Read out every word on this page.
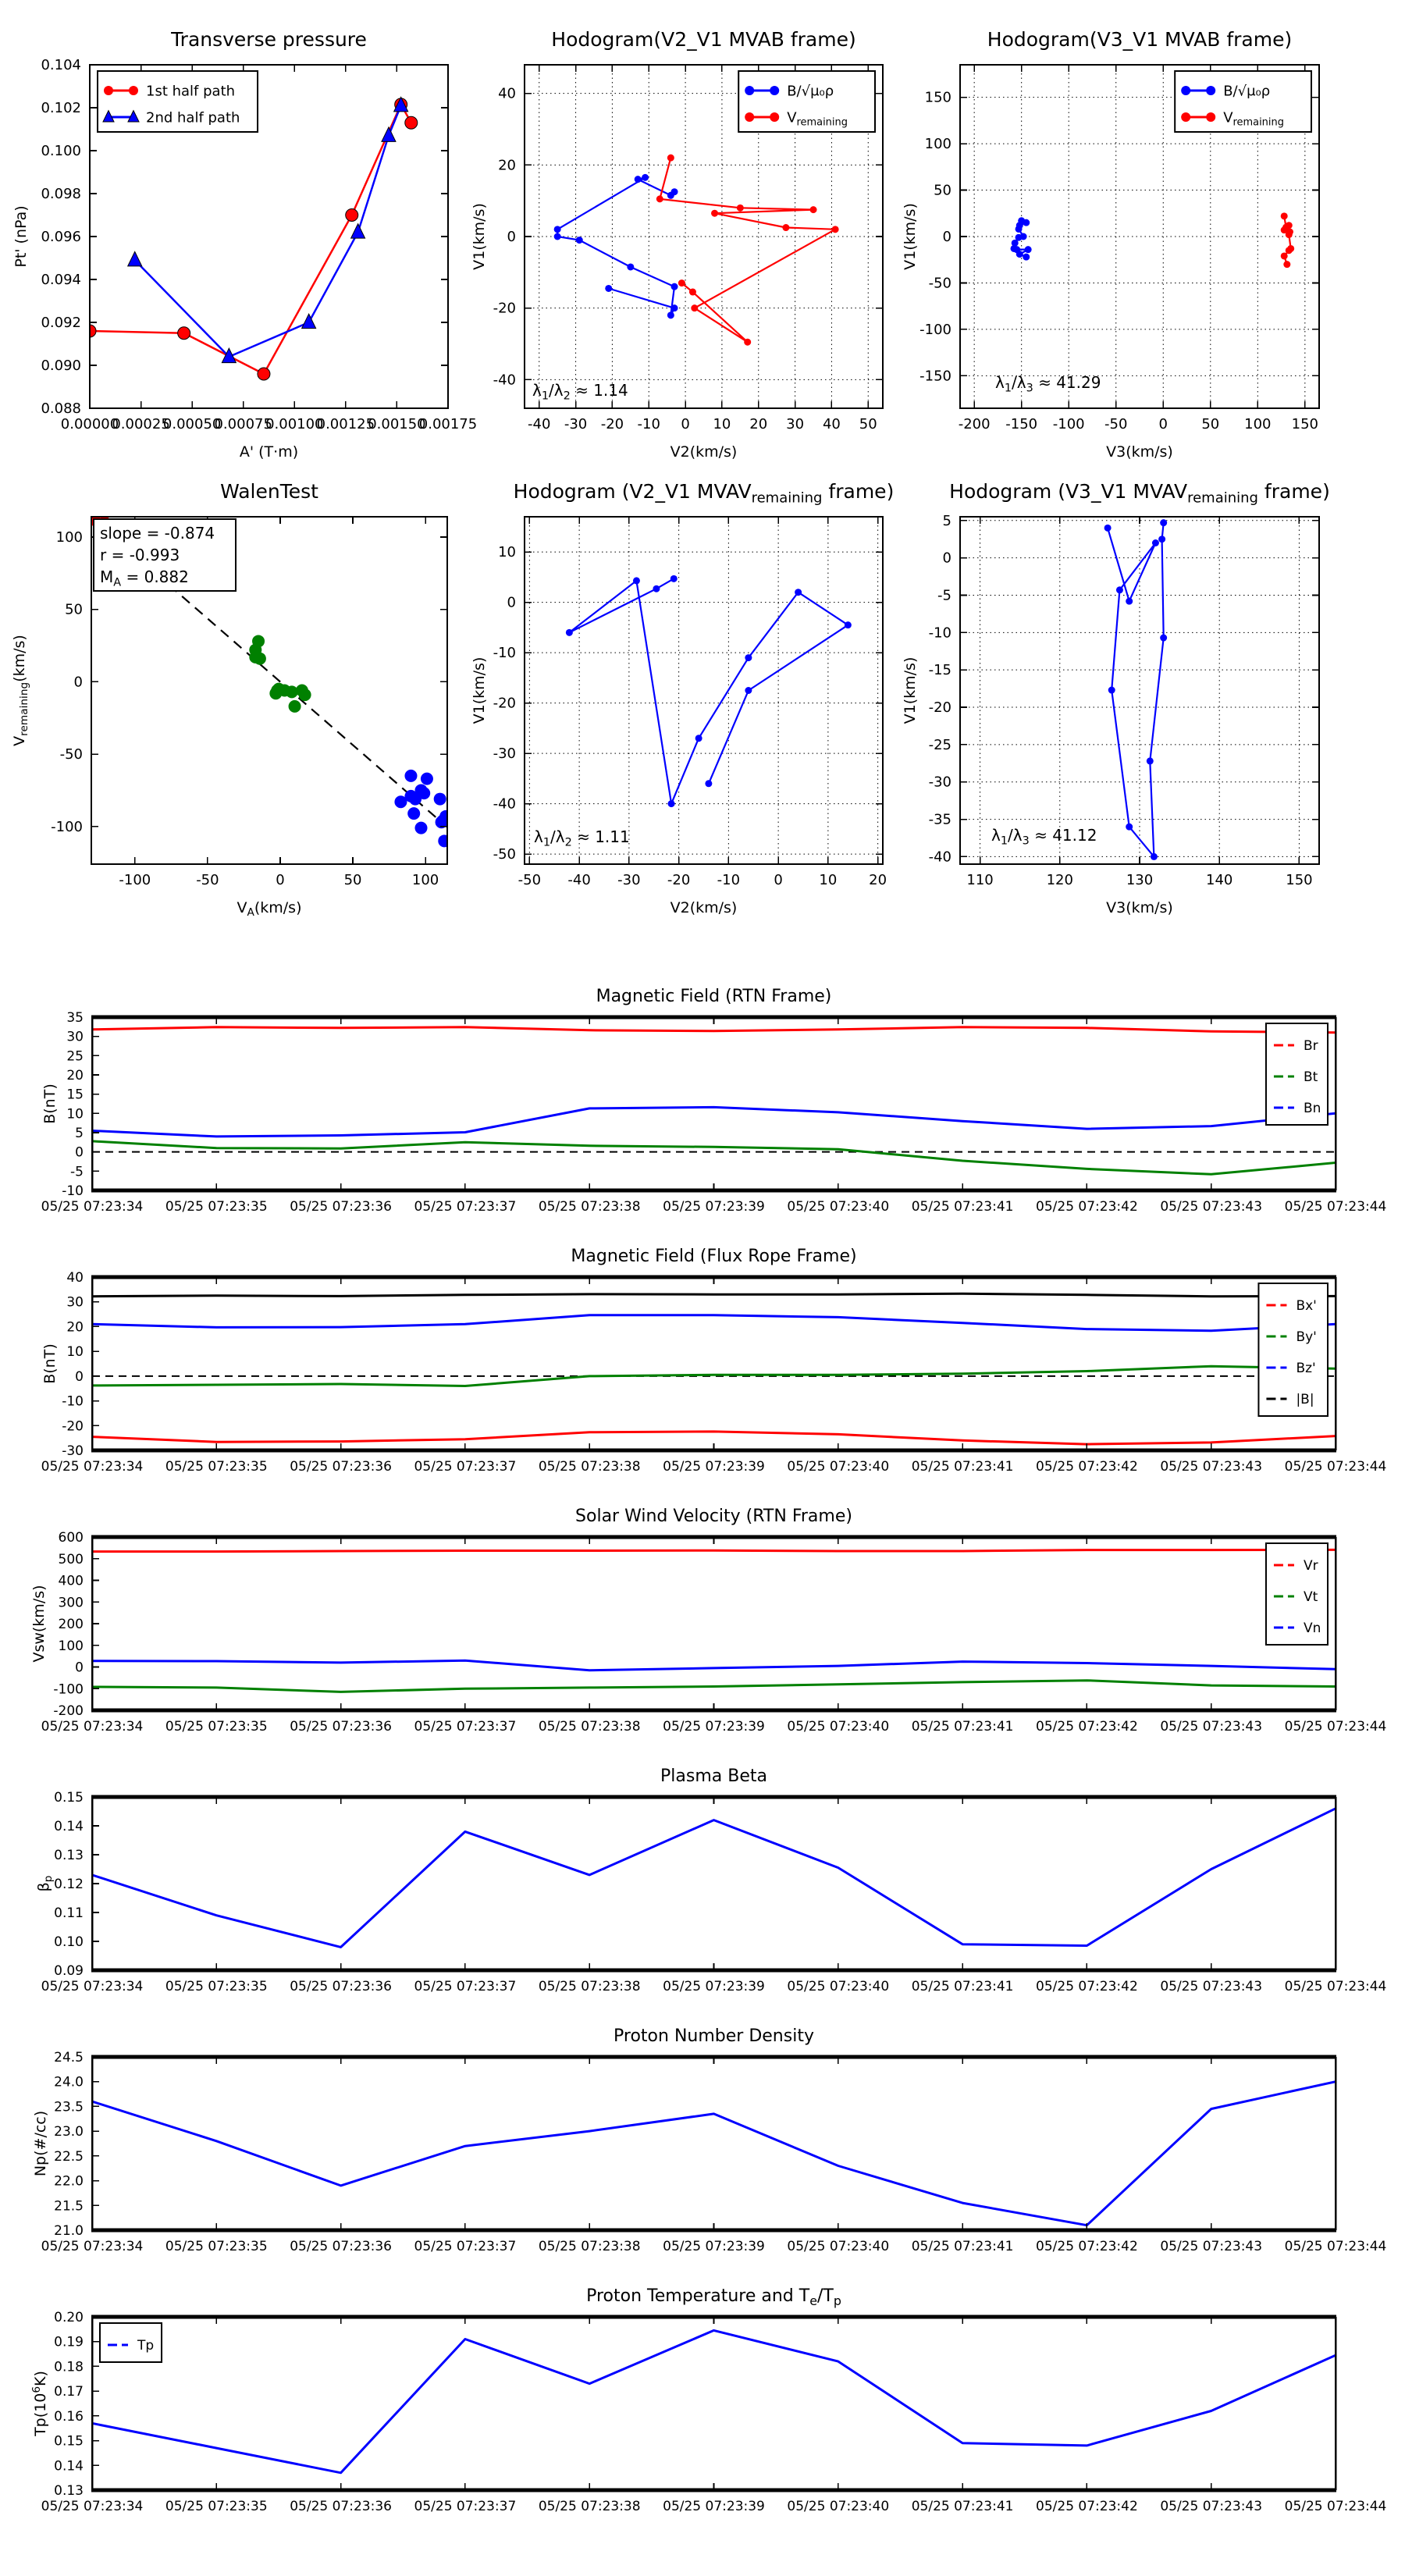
0.00000
0.00025
0.00050
0.00075
0.00100
0.00125
0.00150
0.00175
0.088
0.090
0.092
0.094
0.096
0.098
0.100
0.102
0.104
Transverse pressure
A' (T·m)
Pt' (nPa)
1st half path
2nd half path
-40 -30 -20 -10 0 10 20 30 40 50
-40
-20
0
20
40
Hodogram(V2_V1 MVAB frame)
V2(km/s)
V1(km/s)
$\lambda_1/\lambda_2 \approx 1.14$
B/√μ₀ρ
$V_{remaining}$
-200 -150 -100 -50 0 50 100 150
-150
-100
-50
0
50
100
150
Hodogram(V3_V1 MVAB frame)
V3(km/s)
V1(km/s)
$\lambda_1/\lambda_3 \approx 41.29$
B/√μ₀ρ
$V_{remaining}$
-100	-50	0	50	100
-100
-50
0
50
100
WalenTest
$V_A(km/s)$
$V_{remaining}(km/s)$
slope = -0.874
r = -0.993
$M_A = 0.882$
-50 -40 -30 -20 -10 0	10 20
10
0
-10
-20
-30
-40
-50
Hodogram (V2_V1 $MVAV_{remaining}$ frame)
V2(km/s)
V1(km/s)
$\lambda_1/\lambda_2 \approx 1.11$
110	120	130	140	150
5
0
-5
-10
-15
-20
-25
-30
-35
-40
Hodogram (V3_V1 $MVAV_{remaining}$ frame)
V3(km/s)
V1(km/s)
$\lambda_1/\lambda_3 \approx 41.12$
05/25 07:23:34 05/25 07:23:35 05/25 07:23:36 05/25 07:23:37 05/25 07:23:38 05/25 07:23:39 05/25 07:23:40 05/25 07:23:41 05/25 07:23:42 05/25 07:23:43 05/25 07:23:44
-10
-5
0
5
10
15
20
25
30
35
Magnetic Field (RTN Frame)
B(nT)
Br
Bt
Bn
05/25 07:23:34 05/25 07:23:35 05/25 07:23:36 05/25 07:23:37 05/25 07:23:38 05/25 07:23:39 05/25 07:23:40 05/25 07:23:41 05/25 07:23:42 05/25 07:23:43 05/25 07:23:44
-30
-20
-10
0
10
20
30
40
Magnetic Field (Flux Rope Frame)
B(nT)
Bx'
By'
Bz'
|B|
05/25 07:23:34 05/25 07:23:35 05/25 07:23:36 05/25 07:23:37 05/25 07:23:38 05/25 07:23:39 05/25 07:23:40 05/25 07:23:41 05/25 07:23:42 05/25 07:23:43 05/25 07:23:44
-200
-100
0
100
200
300
400
500
600
Solar Wind Velocity (RTN Frame)
Vsw(km/s)
Vr
Vt
Vn
05/25 07:23:34 05/25 07:23:35 05/25 07:23:36 05/25 07:23:37 05/25 07:23:38 05/25 07:23:39 05/25 07:23:40 05/25 07:23:41 05/25 07:23:42 05/25 07:23:43 05/25 07:23:44
0.09
0.10
0.11
0.12
0.13
0.14
0.15
Plasma Beta
$\beta_p$
05/25 07:23:34 05/25 07:23:35 05/25 07:23:36 05/25 07:23:37 05/25 07:23:38 05/25 07:23:39 05/25 07:23:40 05/25 07:23:41 05/25 07:23:42 05/25 07:23:43 05/25 07:23:44
21.0
21.5
22.0
22.5
23.0
23.5
24.0
24.5
Proton Number Density
Np(#/cc)
05/25 07:23:34 05/25 07:23:35 05/25 07:23:36 05/25 07:23:37 05/25 07:23:38 05/25 07:23:39 05/25 07:23:40 05/25 07:23:41 05/25 07:23:42 05/25 07:23:43 05/25 07:23:44
0.13
0.14
0.15
0.16
0.17
0.18
0.19
0.20
Proton Temperature and $T_e/T_p$
$Tp(10^6K)$
Tp
